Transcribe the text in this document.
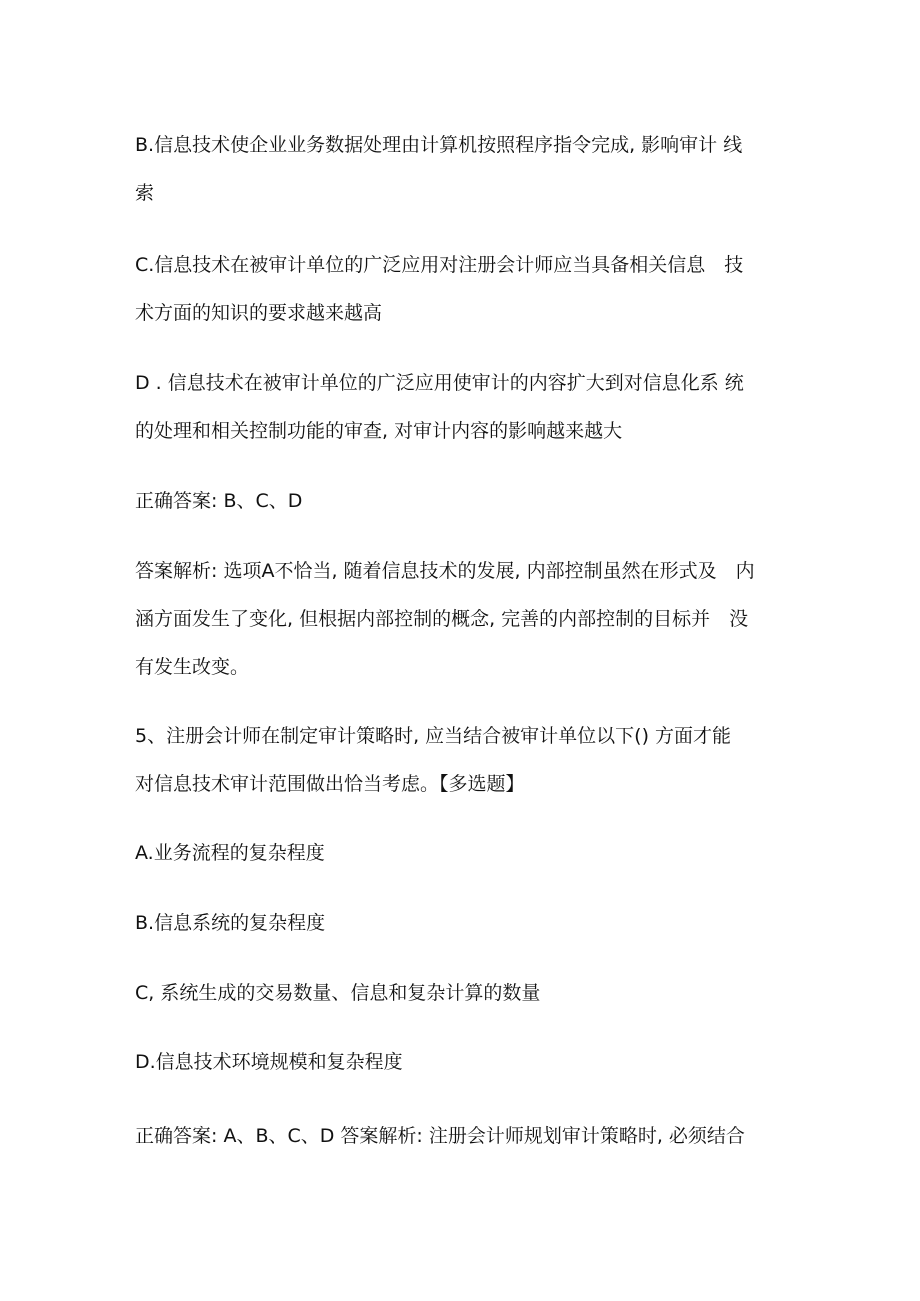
B.信息技术使企业业务数据处理由计算机按照程序指令完成, 影响审计 线
索
C.信息技术在被审计单位的广泛应用对注册会计师应当具备相关信息　技
术方面的知识的要求越来越高
D . 信息技术在被审计单位的广泛应用使审计的内容扩大到对信息化系 统
的处理和相关控制功能的审查, 对审计内容的影响越来越大
正确答案: B、C、D
答案解析: 选项A不恰当, 随着信息技术的发展, 内部控制虽然在形式及　内
涵方面发生了变化, 但根据内部控制的概念, 完善的内部控制的目标并　没
有发生改变。
5、注册会计师在制定审计策略时, 应当结合被审计单位以下() 方面才能
对信息技术审计范围做出恰当考虑。【多选题】
A.业务流程的复杂程度
B.信息系统的复杂程度
C, 系统生成的交易数量、信息和复杂计算的数量
D.信息技术环境规模和复杂程度
正确答案: A、B、C、D 答案解析: 注册会计师规划审计策略时, 必须结合
